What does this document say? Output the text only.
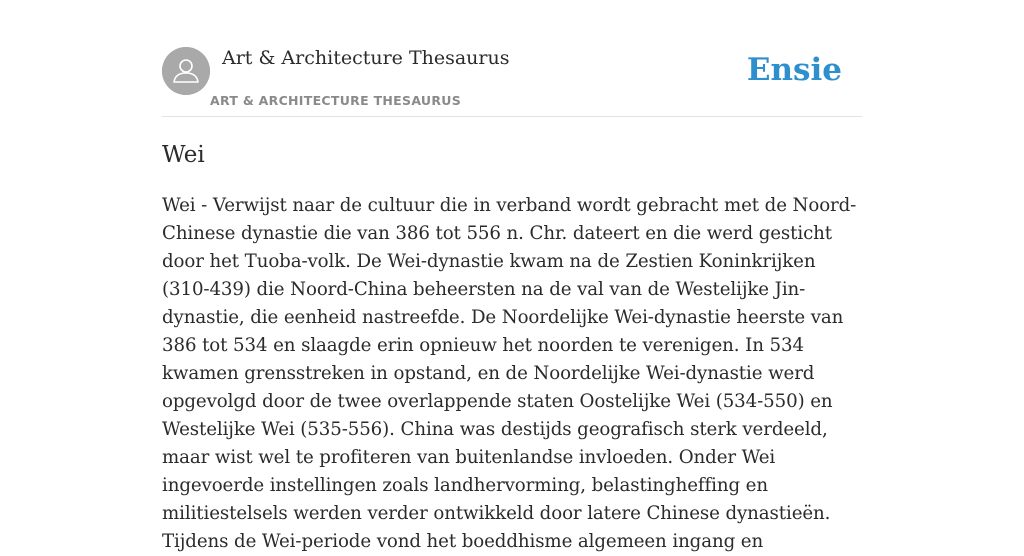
Art & Architecture Thesaurus
ART & ARCHITECTURE THESAURUS
Ensie
Wei

Wei - Verwijst naar de cultuur die in verband wordt gebracht met de Noord-Chinese dynastie die van 386 tot 556 n. Chr. dateert en die werd gesticht door het Tuoba-volk. De Wei-dynastie kwam na de Zestien Koninkrijken (310-439) die Noord-China beheersten na de val van de Westelijke Jin-dynastie, die eenheid nastreefde. De Noordelijke Wei-dynastie heerste van 386 tot 534 en slaagde erin opnieuw het noorden te verenigen. In 534 kwamen grensstreken in opstand, en de Noordelijke Wei-dynastie werd opgevolgd door de twee overlappende staten Oostelijke Wei (534-550) en Westelijke Wei (535-556). China was destijds geografisch sterk verdeeld, maar wist wel te profiteren van buitenlandse invloeden. Onder Wei ingevoerde instellingen zoals landhervorming, belastingheffing en militiestelsels werden verder ontwikkeld door latere Chinese dynastieën. Tijdens de Wei-periode vond het boeddhisme algemeen ingang en
